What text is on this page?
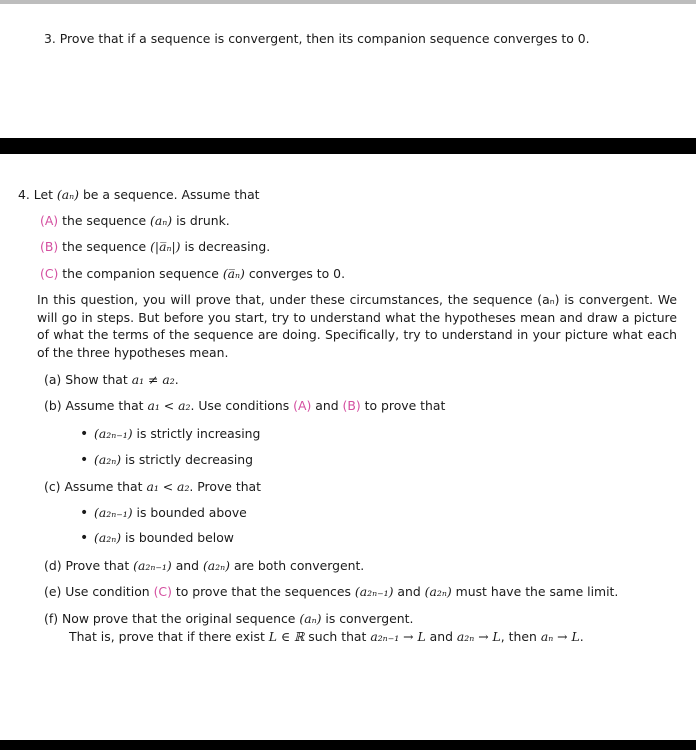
3. Prove that if a sequence is convergent, then its companion sequence converges to 0.
4. Let (aₙ) be a sequence. Assume that
(A) the sequence (aₙ) is drunk.
(B) the sequence (|a̅ₙ|) is decreasing.
(C) the companion sequence (a̅ₙ) converges to 0.
In this question, you will prove that, under these circumstances, the sequence (aₙ) is convergent. We will go in steps. But before you start, try to understand what the hypotheses mean and draw a picture of what the terms of the sequence are doing. Specifically, try to understand in your picture what each of the three hypotheses mean.
(a) Show that a₁ ≠ a₂.
(b) Assume that a₁ < a₂. Use conditions (A) and (B) to prove that
• (a₂ₙ₋₁) is strictly increasing
• (a₂ₙ) is strictly decreasing
(c) Assume that a₁ < a₂. Prove that
• (a₂ₙ₋₁) is bounded above
• (a₂ₙ) is bounded below
(d) Prove that (a₂ₙ₋₁) and (a₂ₙ) are both convergent.
(e) Use condition (C) to prove that the sequences (a₂ₙ₋₁) and (a₂ₙ) must have the same limit.
(f) Now prove that the original sequence (aₙ) is convergent.
That is, prove that if there exist L ∈ ℝ such that a₂ₙ₋₁ → L and a₂ₙ → L, then aₙ → L.
